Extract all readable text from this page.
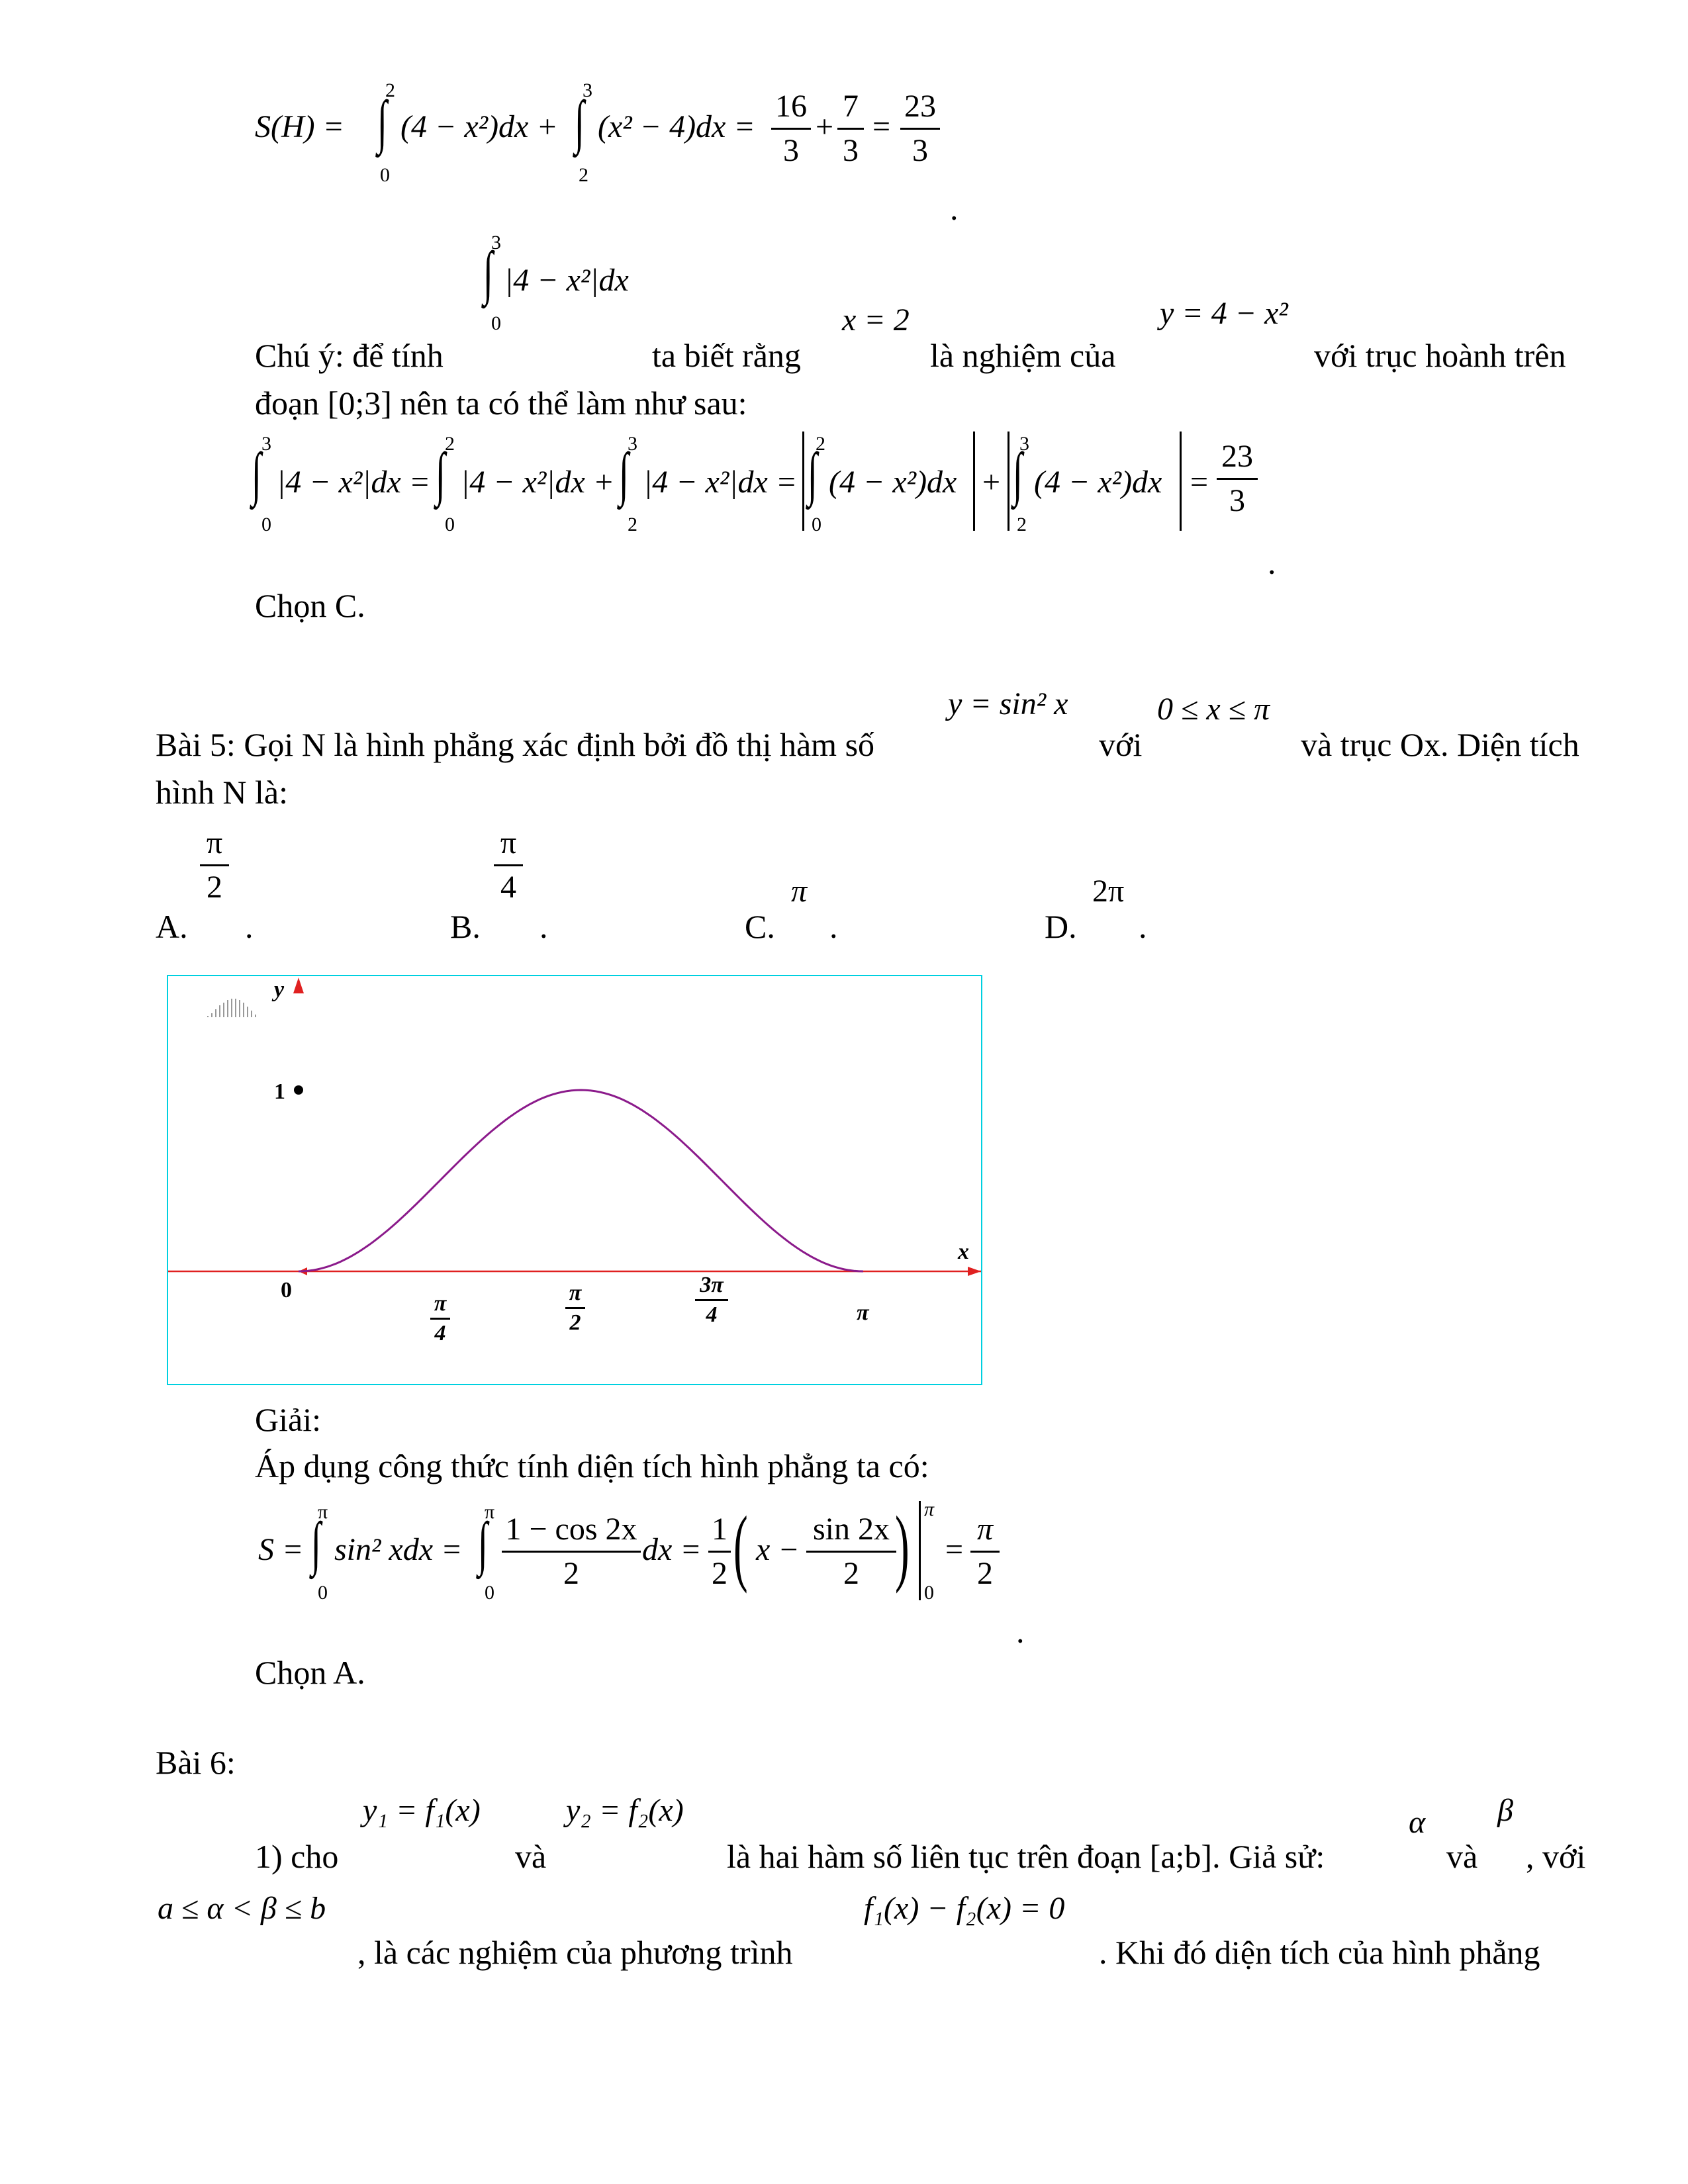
S(H) =
2
∫
0
(4 − x²)dx +
3
∫
2
$(x^2 - 4)dx = \frac{16}{3} + \frac{7}{3} = \frac{23}{3}$
.
3
∫
0
|4 − x²|dx
x = 2	y = 4 − x²
Chú ý: để tính	ta biết rằng	là nghiệm của	với trục hoành trên
đoạn [0;3] nên ta có thể làm như sau:
3
∫
0
|4 − x²|dx =
2
∫
0
|4 − x²|dx +
3
∫
2
|4 − x²|dx =
2
∫
0
(4 − x²)dx +
3
∫
2
$(4 - x^2)dx = \frac{23}{3}$
.
Chọn C.
y = sin² x	0 ≤ x ≤ π
Bài 5: Gọi N là hình phẳng xác định bởi đồ thị hàm số	với	và trục Ox. Diện tích
hình N là:
$\frac{\pi}{2}$
A. .
$\frac{\pi}{4}$
B. .
π
C. .
2π
D. .
y
x
1
0
π
4
π
2
3π
4	π
Giải:
Áp dụng công thức tính diện tích hình phẳng ta có:
S =
π
∫
0
sin² xdx =
π
∫
0
$\frac{1 - \cos 2x}{2}$ dx = $\frac{1}{2}$ ( $x - \frac{\sin 2x}{2}$
) π
0
= $\frac{\pi}{2}$
.
Chọn A.
Bài 6:
y₁ = f₁(x)	y₂ = f₂(x)	α β
1) cho	và	là hai hàm số liên tục trên đoạn [a;b]. Giả sử:	và , với
a ≤ α < β ≤ b	f₁(x) − f₂(x) = 0
, là các nghiệm của phương trình	. Khi đó diện tích của hình phẳng
